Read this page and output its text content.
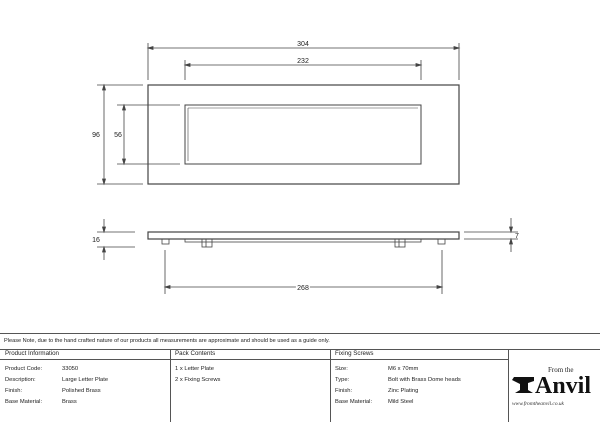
304
232
96 56
16
7
268
Please Note, due to the hand crafted nature of our products all measurements are approximate and should be used as a guide only.
Product Information	Pack Contents	Fixing Screws
Product Code:	33050
Description:	Large Letter Plate
Finish:	Polished Brass
Base Material:	Brass
1 x Letter Plate
2 x Fixing Screws
Size:	M6 x 70mm
Type:	Bolt with Brass Dome heads
Finish:	Zinc Plating
Base Material:	Mild Steel
From the
Anvil
www.fromtheanvil.co.uk
